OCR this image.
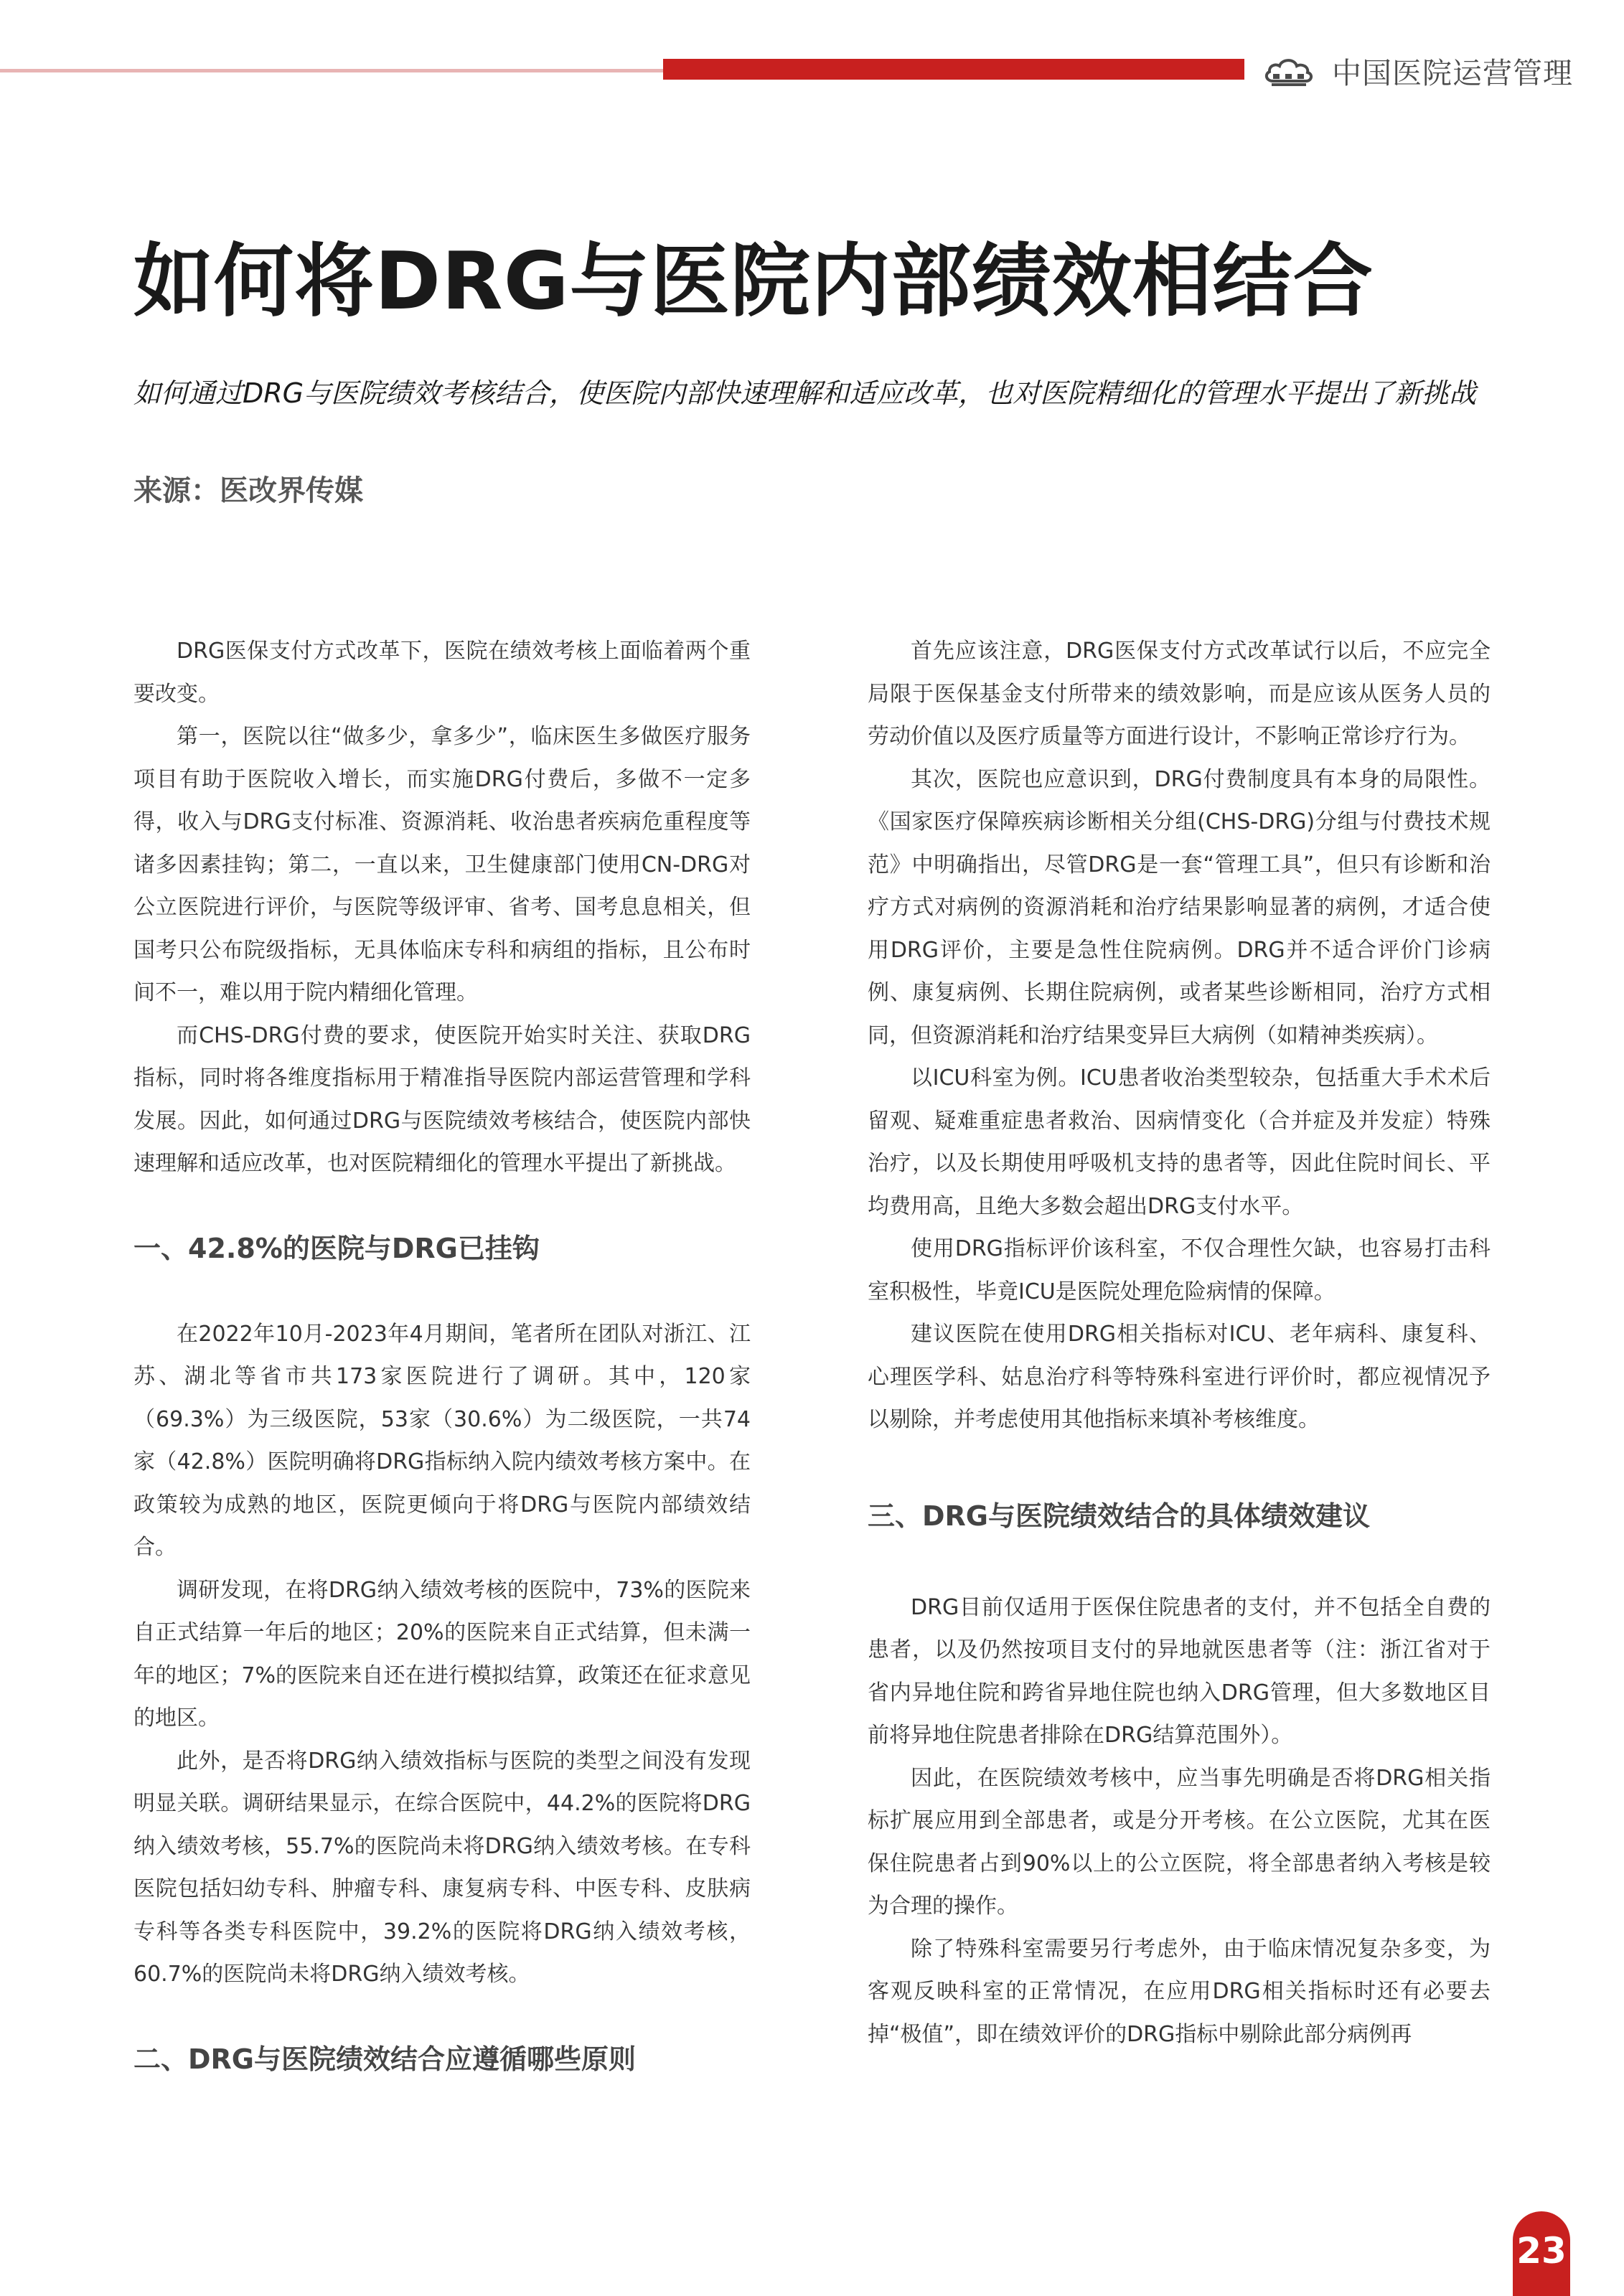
中国医院运营管理
如何将DRG与医院内部绩效相结合

如何通过DRG与医院绩效考核结合，使医院内部快速理解和适应改革，也对医院精细化的管理水平提出了新挑战

来源：医改界传媒

DRG医保支付方式改革下，医院在绩效考核上面临着两个重要改变。

第一，医院以往“做多少，拿多少”，临床医生多做医疗服务项目有助于医院收入增长，而实施DRG付费后，多做不一定多得，收入与DRG支付标准、资源消耗、收治患者疾病危重程度等诸多因素挂钩；第二，一直以来，卫生健康部门使用CN-DRG对公立医院进行评价，与医院等级评审、省考、国考息息相关，但国考只公布院级指标，无具体临床专科和病组的指标，且公布时间不一，难以用于院内精细化管理。

而CHS-DRG付费的要求，使医院开始实时关注、获取DRG指标，同时将各维度指标用于精准指导医院内部运营管理和学科发展。因此，如何通过DRG与医院绩效考核结合，使医院内部快速理解和适应改革，也对医院精细化的管理水平提出了新挑战。

一、42.8%的医院与DRG已挂钩

在2022年10月-2023年4月期间，笔者所在团队对浙江、江苏、湖北等省市共173家医院进行了调研。其中，120家（69.3%）为三级医院，53家（30.6%）为二级医院，一共74家（42.8%）医院明确将DRG指标纳入院内绩效考核方案中。在政策较为成熟的地区，医院更倾向于将DRG与医院内部绩效结合。

调研发现，在将DRG纳入绩效考核的医院中，73%的医院来自正式结算一年后的地区；20%的医院来自正式结算，但未满一年的地区；7%的医院来自还在进行模拟结算，政策还在征求意见的地区。

此外，是否将DRG纳入绩效指标与医院的类型之间没有发现明显关联。调研结果显示，在综合医院中，44.2%的医院将DRG纳入绩效考核，55.7%的医院尚未将DRG纳入绩效考核。在专科医院包括妇幼专科、肿瘤专科、康复病专科、中医专科、皮肤病专科等各类专科医院中，39.2%的医院将DRG纳入绩效考核，60.7%的医院尚未将DRG纳入绩效考核。

二、DRG与医院绩效结合应遵循哪些原则

首先应该注意，DRG医保支付方式改革试行以后，不应完全局限于医保基金支付所带来的绩效影响，而是应该从医务人员的劳动价值以及医疗质量等方面进行设计，不影响正常诊疗行为。

其次，医院也应意识到，DRG付费制度具有本身的局限性。《国家医疗保障疾病诊断相关分组(CHS-DRG)分组与付费技术规范》中明确指出，尽管DRG是一套“管理工具”，但只有诊断和治疗方式对病例的资源消耗和治疗结果影响显著的病例，才适合使用DRG评价，主要是急性住院病例。DRG并不适合评价门诊病例、康复病例、长期住院病例，或者某些诊断相同，治疗方式相同，但资源消耗和治疗结果变异巨大病例（如精神类疾病）。

以ICU科室为例。ICU患者收治类型较杂，包括重大手术术后留观、疑难重症患者救治、因病情变化（合并症及并发症）特殊治疗，以及长期使用呼吸机支持的患者等，因此住院时间长、平均费用高，且绝大多数会超出DRG支付水平。

使用DRG指标评价该科室，不仅合理性欠缺，也容易打击科室积极性，毕竟ICU是医院处理危险病情的保障。

建议医院在使用DRG相关指标对ICU、老年病科、康复科、心理医学科、姑息治疗科等特殊科室进行评价时，都应视情况予以剔除，并考虑使用其他指标来填补考核维度。

三、DRG与医院绩效结合的具体绩效建议

DRG目前仅适用于医保住院患者的支付，并不包括全自费的患者，以及仍然按项目支付的异地就医患者等（注：浙江省对于省内异地住院和跨省异地住院也纳入DRG管理，但大多数地区目前将异地住院患者排除在DRG结算范围外）。

因此，在医院绩效考核中，应当事先明确是否将DRG相关指标扩展应用到全部患者，或是分开考核。在公立医院，尤其在医保住院患者占到90%以上的公立医院，将全部患者纳入考核是较为合理的操作。

除了特殊科室需要另行考虑外，由于临床情况复杂多变，为客观反映科室的正常情况，在应用DRG相关指标时还有必要去掉“极值”，即在绩效评价的DRG指标中剔除此部分病例再

23
